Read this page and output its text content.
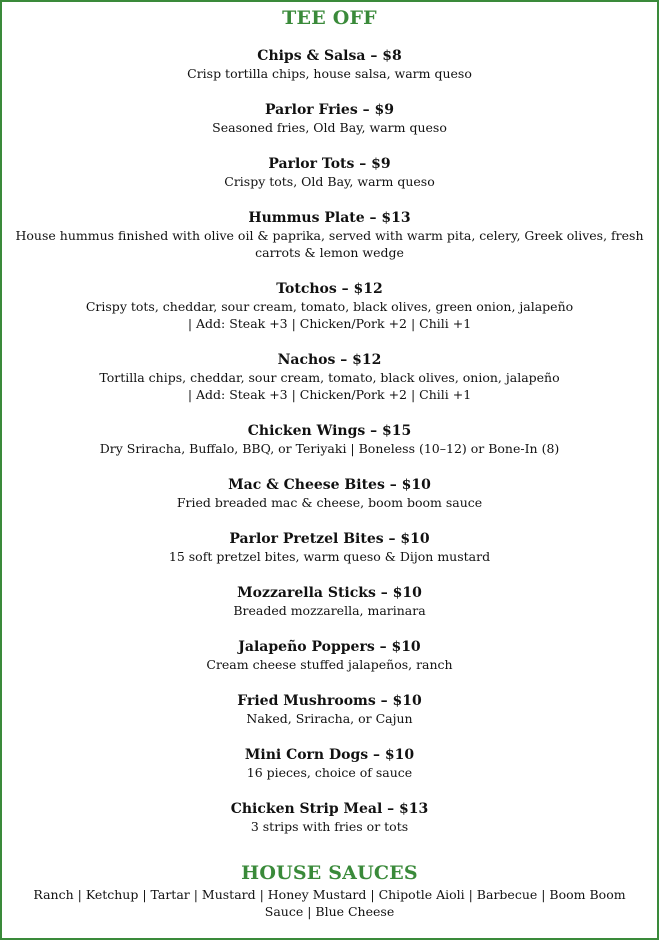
TEE OFF
Chips & Salsa – $8
Crisp tortilla chips, house salsa, warm queso
Parlor Fries – $9
Seasoned fries, Old Bay, warm queso
Parlor Tots – $9
Crispy tots, Old Bay, warm queso
Hummus Plate – $13
House hummus finished with olive oil & paprika, served with warm pita, celery, Greek olives, fresh carrots & lemon wedge
Totchos – $12
Crispy tots, cheddar, sour cream, tomato, black olives, green onion, jalapeño
| Add: Steak +3 | Chicken/Pork +2 | Chili +1
Nachos – $12
Tortilla chips, cheddar, sour cream, tomato, black olives, onion, jalapeño
| Add: Steak +3 | Chicken/Pork +2 | Chili +1
Chicken Wings – $15
Dry Sriracha, Buffalo, BBQ, or Teriyaki | Boneless (10–12) or Bone-In (8)
Mac & Cheese Bites – $10
Fried breaded mac & cheese, boom boom sauce
Parlor Pretzel Bites – $10
15 soft pretzel bites, warm queso & Dijon mustard
Mozzarella Sticks – $10
Breaded mozzarella, marinara
Jalapeño Poppers – $10
Cream cheese stuffed jalapeños, ranch
Fried Mushrooms – $10
Naked, Sriracha, or Cajun
Mini Corn Dogs – $10
16 pieces, choice of sauce
Chicken Strip Meal – $13
3 strips with fries or tots
HOUSE SAUCES
Ranch | Ketchup | Tartar | Mustard | Honey Mustard | Chipotle Aioli | Barbecue | Boom Boom Sauce | Blue Cheese
